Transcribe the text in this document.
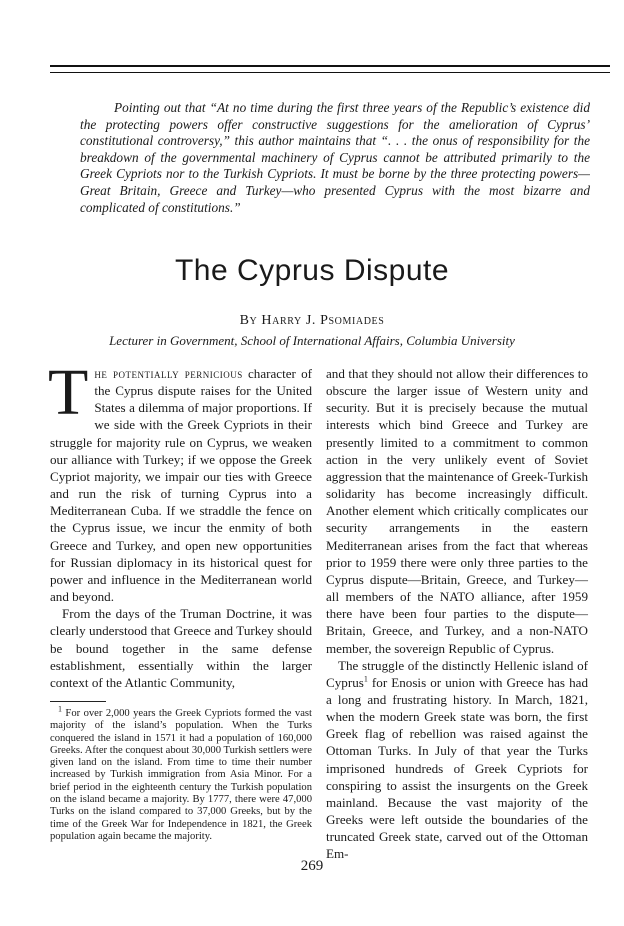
Pointing out that “At no time during the first three years of the Republic’s existence did the protecting powers offer constructive suggestions for the amelioration of Cyprus’ constitutional controversy,” this author maintains that “. . . the onus of responsibility for the breakdown of the governmental machinery of Cyprus cannot be attributed primarily to the Greek Cypriots nor to the Turkish Cypriots. It must be borne by the three protecting powers—Great Britain, Greece and Turkey—who presented Cyprus with the most bizarre and complicated of constitutions.”

The Cyprus Dispute
By Harry J. Psomiades
Lecturer in Government, School of International Affairs, Columbia University

The potentially pernicious character of the Cyprus dispute raises for the United States a dilemma of major proportions. If we side with the Greek Cypriots in their struggle for majority rule on Cyprus, we weaken our alliance with Turkey; if we oppose the Greek Cypriot majority, we impair our ties with Greece and run the risk of turning Cyprus into a Mediterranean Cuba. If we straddle the fence on the Cyprus issue, we incur the enmity of both Greece and Turkey, and open new opportunities for Russian diplomacy in its historical quest for power and influence in the Mediterranean world and beyond.

From the days of the Truman Doctrine, it was clearly understood that Greece and Turkey should be bound together in the same defense establishment, essentially within the larger context of the Atlantic Community,

$^1$ For over 2,000 years the Greek Cypriots formed the vast majority of the island’s population. When the Turks conquered the island in 1571 it had a population of 160,000 Greeks. After the conquest about 30,000 Turkish settlers were given land on the island. From time to time their number increased by Turkish immigration from Asia Minor. For a brief period in the eighteenth century the Turkish population on the island became a majority. By 1777, there were 47,000 Turks on the island compared to 37,000 Greeks, but by the time of the Greek War for Independence in 1821, the Greek population again became the majority.

and that they should not allow their differences to obscure the larger issue of Western unity and security. But it is precisely because the mutual interests which bind Greece and Turkey are presently limited to a commitment to common action in the very unlikely event of Soviet aggression that the maintenance of Greek-Turkish solidarity has become increasingly difficult. Another element which critically complicates our security arrangements in the eastern Mediterranean arises from the fact that whereas prior to 1959 there were only three parties to the Cyprus dispute—Britain, Greece, and Turkey—all members of the NATO alliance, after 1959 there have been four parties to the dispute—Britain, Greece, and Turkey, and a non-NATO member, the sovereign Republic of Cyprus.

The struggle of the distinctly Hellenic island of Cyprus$^1$ for Enosis or union with Greece has had a long and frustrating history. In March, 1821, when the modern Greek state was born, the first Greek flag of rebellion was raised against the Ottoman Turks. In July of that year the Turks imprisoned hundreds of Greek Cypriots for conspiring to assist the insurgents on the Greek mainland. Because the vast majority of the Greeks were left outside the boundaries of the truncated Greek state, carved out of the Ottoman Em-

269
